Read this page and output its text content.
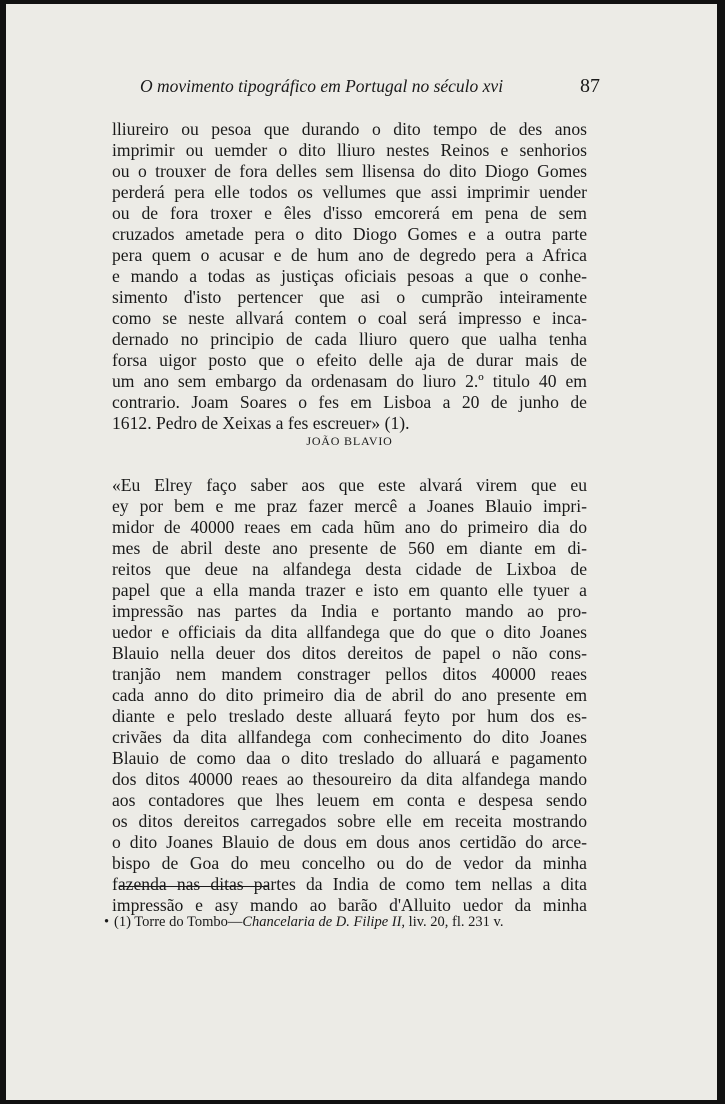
O movimento tipográfico em Portugal no século xvi	87
lliureiro ou pesoa que durando o dito tempo de des anos
imprimir ou uemder o dito lliuro nestes Reinos e senhorios
ou o trouxer de fora delles sem llisensa do dito Diogo Gomes
perderá pera elle todos os vellumes que assi imprimir uender
ou de fora troxer e êles d'isso emcorerá em pena de sem
cruzados ametade pera o dito Diogo Gomes e a outra parte
pera quem o acusar e de hum ano de degredo pera a Africa
e mando a todas as justiças oficiais pesoas a que o conhe-
simento d'isto pertencer que asi o cumprão inteiramente
como se neste allvará contem o coal será impresso e inca-
dernado no principio de cada lliuro quero que ualha tenha
forsa uigor posto que o efeito delle aja de durar mais de
um ano sem embargo da ordenasam do liuro 2.º titulo 40 em
contrario. Joam Soares o fes em Lisboa a 20 de junho de
1612. Pedro de Xeixas a fes escreuer» (1).
JOÃO BLAVIO
«Eu Elrey faço saber aos que este alvará virem que eu
ey por bem e me praz fazer mercê a Joanes Blauio impri-
midor de 40000 reaes em cada hũm ano do primeiro dia do
mes de abril deste ano presente de 560 em diante em di-
reitos que deue na alfandega desta cidade de Lixboa de
papel que a ella manda trazer e isto em quanto elle tyuer a
impressão nas partes da India e portanto mando ao pro-
uedor e officiais da dita allfandega que do que o dito Joanes
Blauio nella deuer dos ditos dereitos de papel o não cons-
tranjão nem mandem constrager pellos ditos 40000 reaes
cada anno do dito primeiro dia de abril do ano presente em
diante e pelo treslado deste alluará feyto por hum dos es-
crivães da dita allfandega com conhecimento do dito Joanes
Blauio de como daa o dito treslado do alluará e pagamento
dos ditos 40000 reaes ao thesoureiro da dita alfandega mando
aos contadores que lhes leuem em conta e despesa sendo
os ditos dereitos carregados sobre elle em receita mostrando
o dito Joanes Blauio de dous em dous anos certidão do arce-
bispo de Goa do meu concelho ou do de vedor da minha
fazenda nas ditas partes da India de como tem nellas a dita
impressão e asy mando ao barão d'Alluito uedor da minha
• (1) Torre do Tombo—Chancelaria de D. Filipe II, liv. 20, fl. 231 v.
